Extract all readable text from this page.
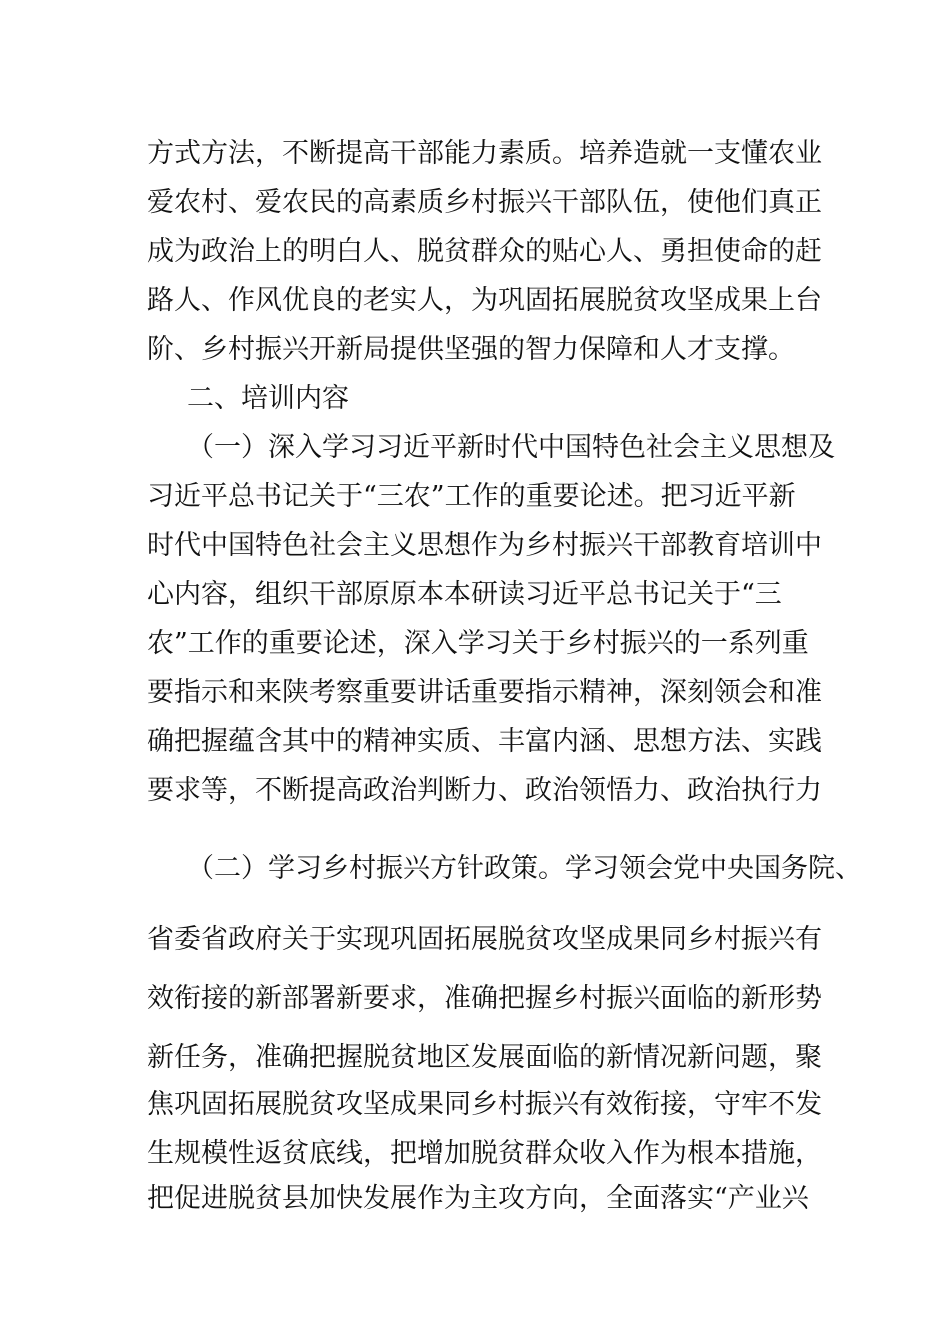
方式方法，不断提高干部能力素质。培养造就一支懂农业

爱农村、爱农民的高素质乡村振兴干部队伍，使他们真正

成为政治上的明白人、脱贫群众的贴心人、勇担使命的赶

路人、作风优良的老实人，为巩固拓展脱贫攻坚成果上台

阶、乡村振兴开新局提供坚强的智力保障和人才支撑。

二、培训内容

（一）深入学习习近平新时代中国特色社会主义思想及

习近平总书记关于“三农”工作的重要论述。把习近平新

时代中国特色社会主义思想作为乡村振兴干部教育培训中

心内容，组织干部原原本本研读习近平总书记关于“三

农”工作的重要论述，深入学习关于乡村振兴的一系列重

要指示和来陕考察重要讲话重要指示精神，深刻领会和准

确把握蕴含其中的精神实质、丰富内涵、思想方法、实践

要求等，不断提高政治判断力、政治领悟力、政治执行力

（二）学习乡村振兴方针政策。学习领会党中央国务院、

省委省政府关于实现巩固拓展脱贫攻坚成果同乡村振兴有

效衔接的新部署新要求，准确把握乡村振兴面临的新形势

新任务，准确把握脱贫地区发展面临的新情况新问题，聚

焦巩固拓展脱贫攻坚成果同乡村振兴有效衔接，守牢不发

生规模性返贫底线，把增加脱贫群众收入作为根本措施，

把促进脱贫县加快发展作为主攻方向，全面落实“产业兴
